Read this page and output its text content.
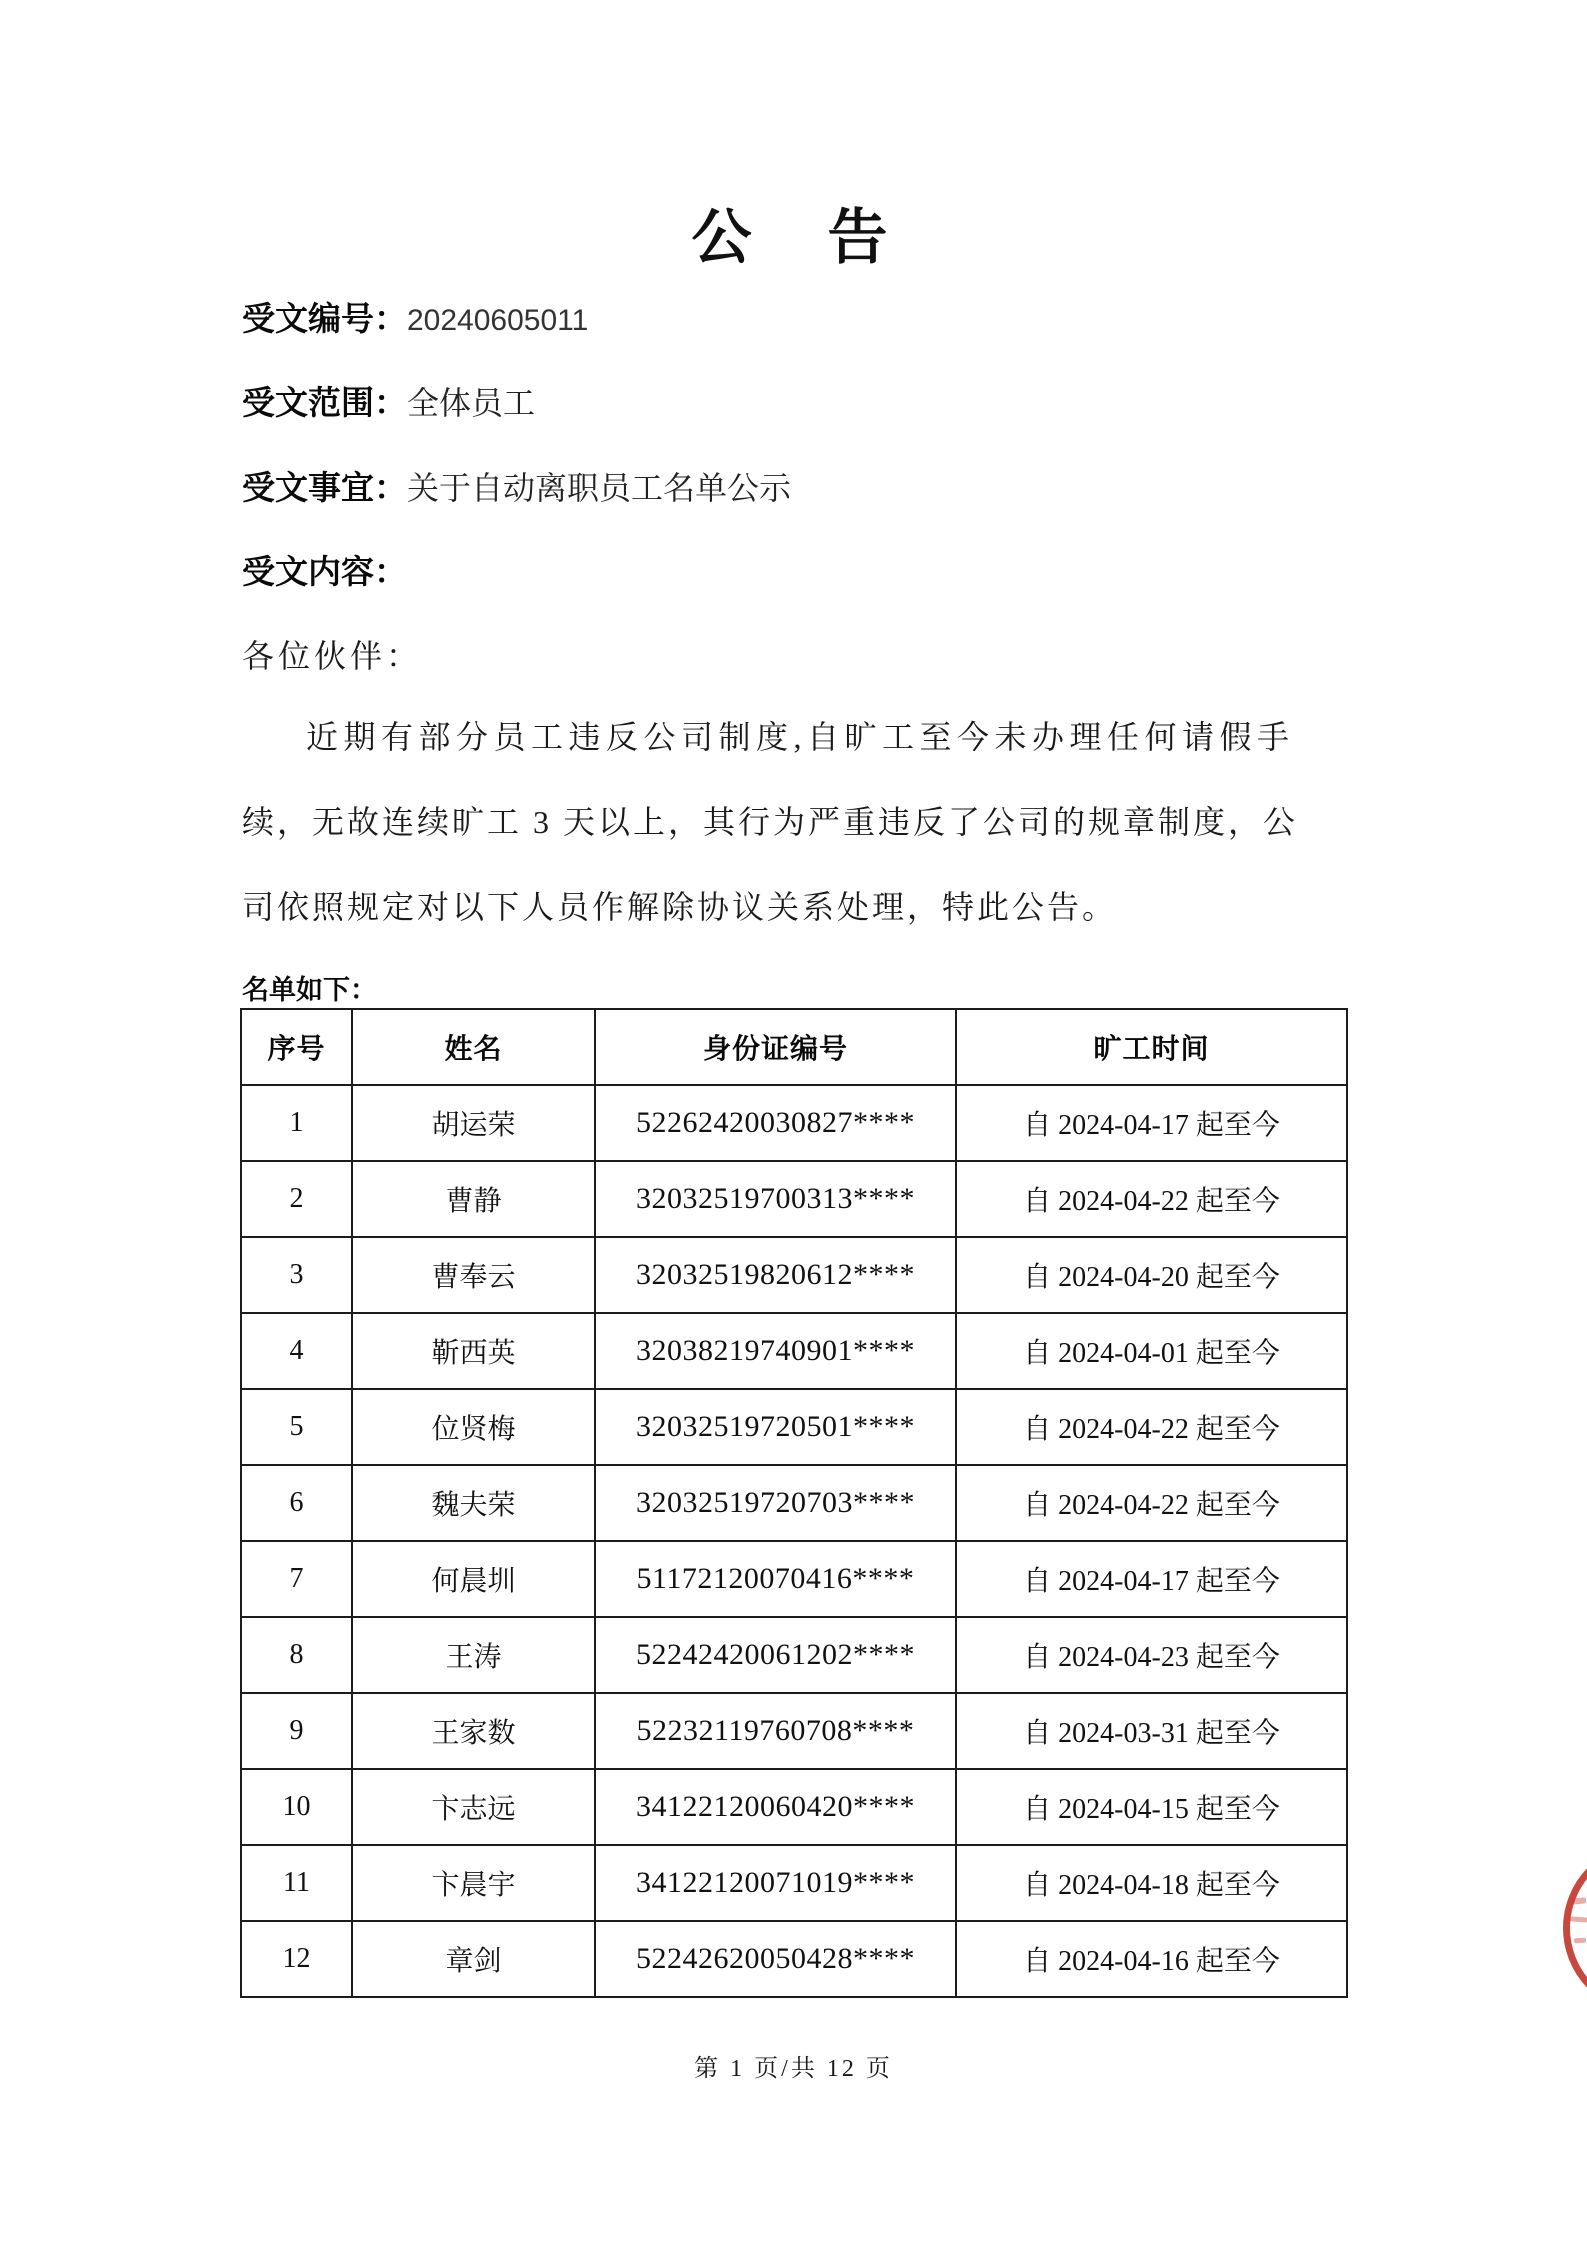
公　告
受文编号：20240605011
受文范围：全体员工
受文事宜：关于自动离职员工名单公示
受文内容：
各位伙伴：
近期有部分员工违反公司制度,自旷工至今未办理任何请假手
续，无故连续旷工 3 天以上，其行为严重违反了公司的规章制度，公
司依照规定对以下人员作解除协议关系处理，特此公告。
名单如下：
序号	姓名	身份证编号	旷工时间
1	胡运荣	52262420030827****	自 2024-04-17 起至今
2	曹静	32032519700313****	自 2024-04-22 起至今
3	曹奉云	32032519820612****	自 2024-04-20 起至今
4	靳西英	32038219740901****	自 2024-04-01 起至今
5	位贤梅	32032519720501****	自 2024-04-22 起至今
6	魏夫荣	32032519720703****	自 2024-04-22 起至今
7	何晨圳	51172120070416****	自 2024-04-17 起至今
8	王涛	52242420061202****	自 2024-04-23 起至今
9	王家数	52232119760708****	自 2024-03-31 起至今
10	卞志远	34122120060420****	自 2024-04-15 起至今
11	卞晨宇	34122120071019****	自 2024-04-18 起至今
12	章剑	52242620050428****	自 2024-04-16 起至今
第 1 页/共 12 页
